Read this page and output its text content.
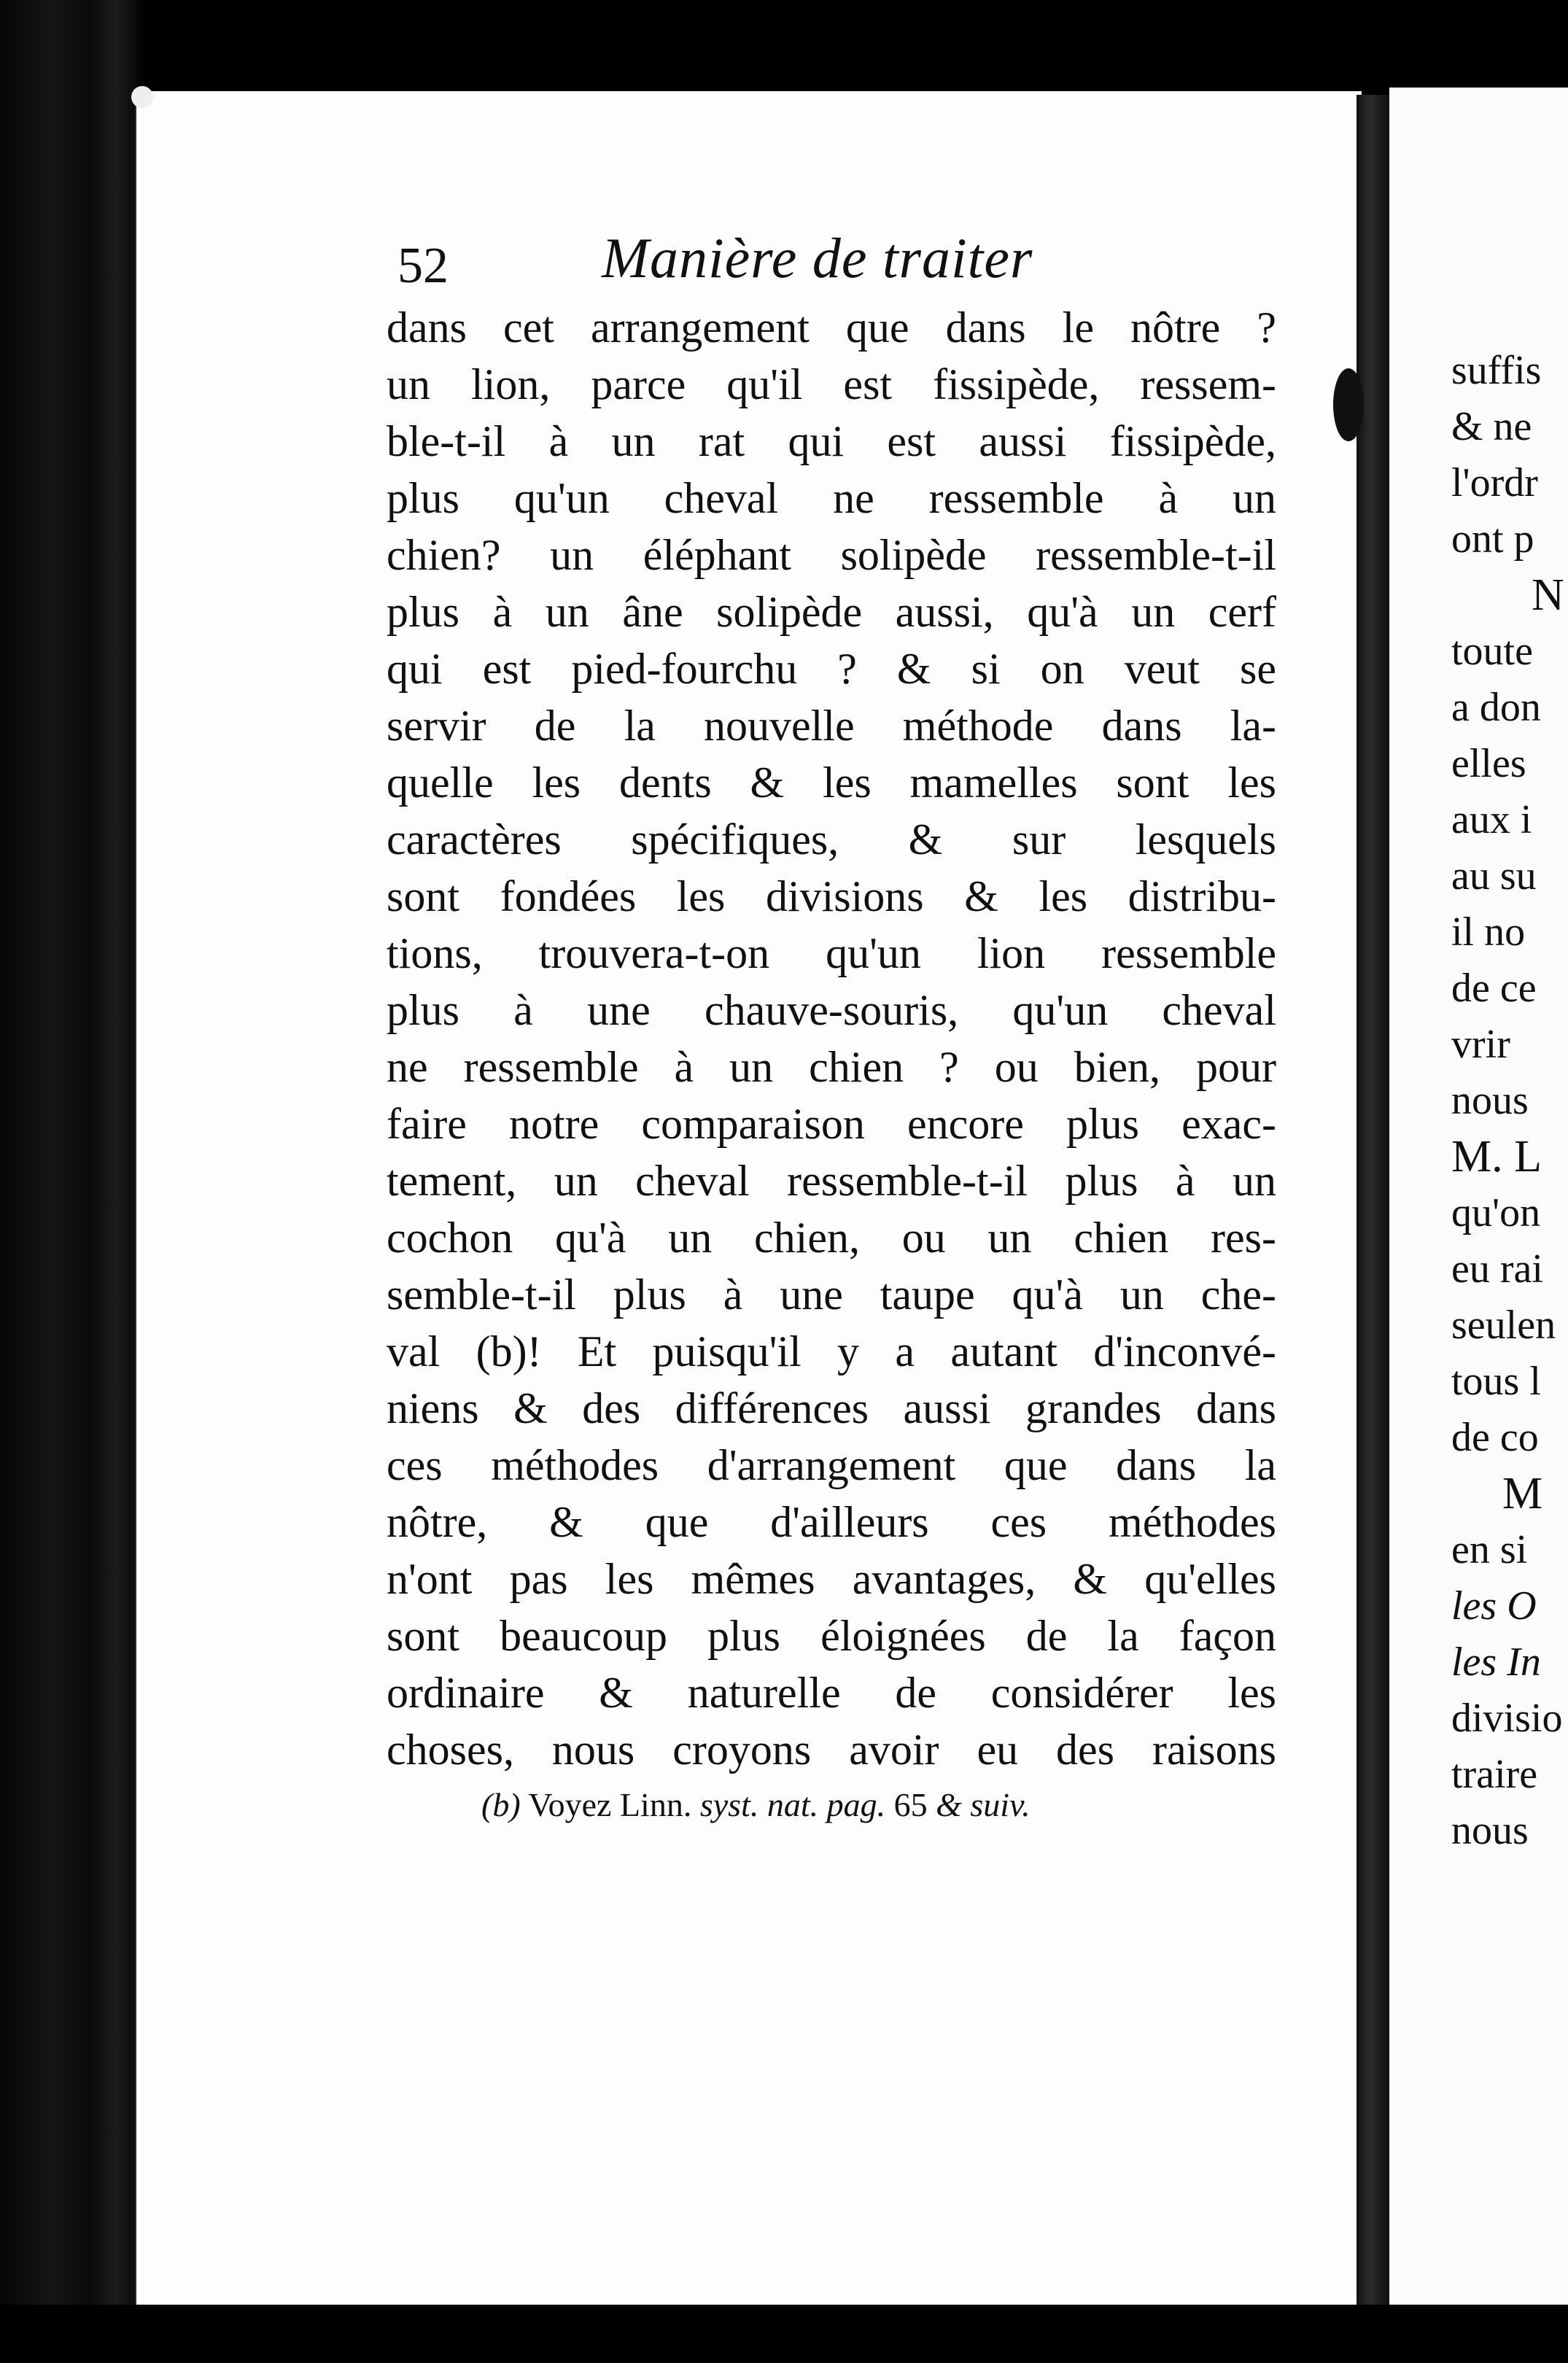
52	Manière de traiter
dans cet arrangement que dans le nôtre ?
un lion, parce qu'il est fissipède, ressem-
ble-t-il à un rat qui est aussi fissipède,
plus qu'un cheval ne ressemble à un
chien? un éléphant solipède ressemble-t-il
plus à un âne solipède aussi, qu'à un cerf
qui est pied-fourchu ? & si on veut se
servir de la nouvelle méthode dans la-
quelle les dents & les mamelles sont les
caractères spécifiques, & sur lesquels
sont fondées les divisions & les distribu-
tions, trouvera-t-on qu'un lion ressemble
plus à une chauve-souris, qu'un cheval
ne ressemble à un chien ? ou bien, pour
faire notre comparaison encore plus exac-
tement, un cheval ressemble-t-il plus à un
cochon qu'à un chien, ou un chien res-
semble-t-il plus à une taupe qu'à un che-
val (b)! Et puisqu'il y a autant d'inconvé-
niens & des différences aussi grandes dans
ces méthodes d'arrangement que dans la
nôtre, & que d'ailleurs ces méthodes
n'ont pas les mêmes avantages, & qu'elles
sont beaucoup plus éloignées de la façon
ordinaire & naturelle de considérer les
choses, nous croyons avoir eu des raisons
(b) Voyez Linn. syst. nat. pag. 65 & suiv.
suffis
& ne
l'ordr
ont p
N
toute
a don
elles
aux i
au su
il no
de ce
vrir
nous
M. L
qu'on
eu rai
seulen
tous l
de co
M
en si
les O
les In
divisio
traire
nous
